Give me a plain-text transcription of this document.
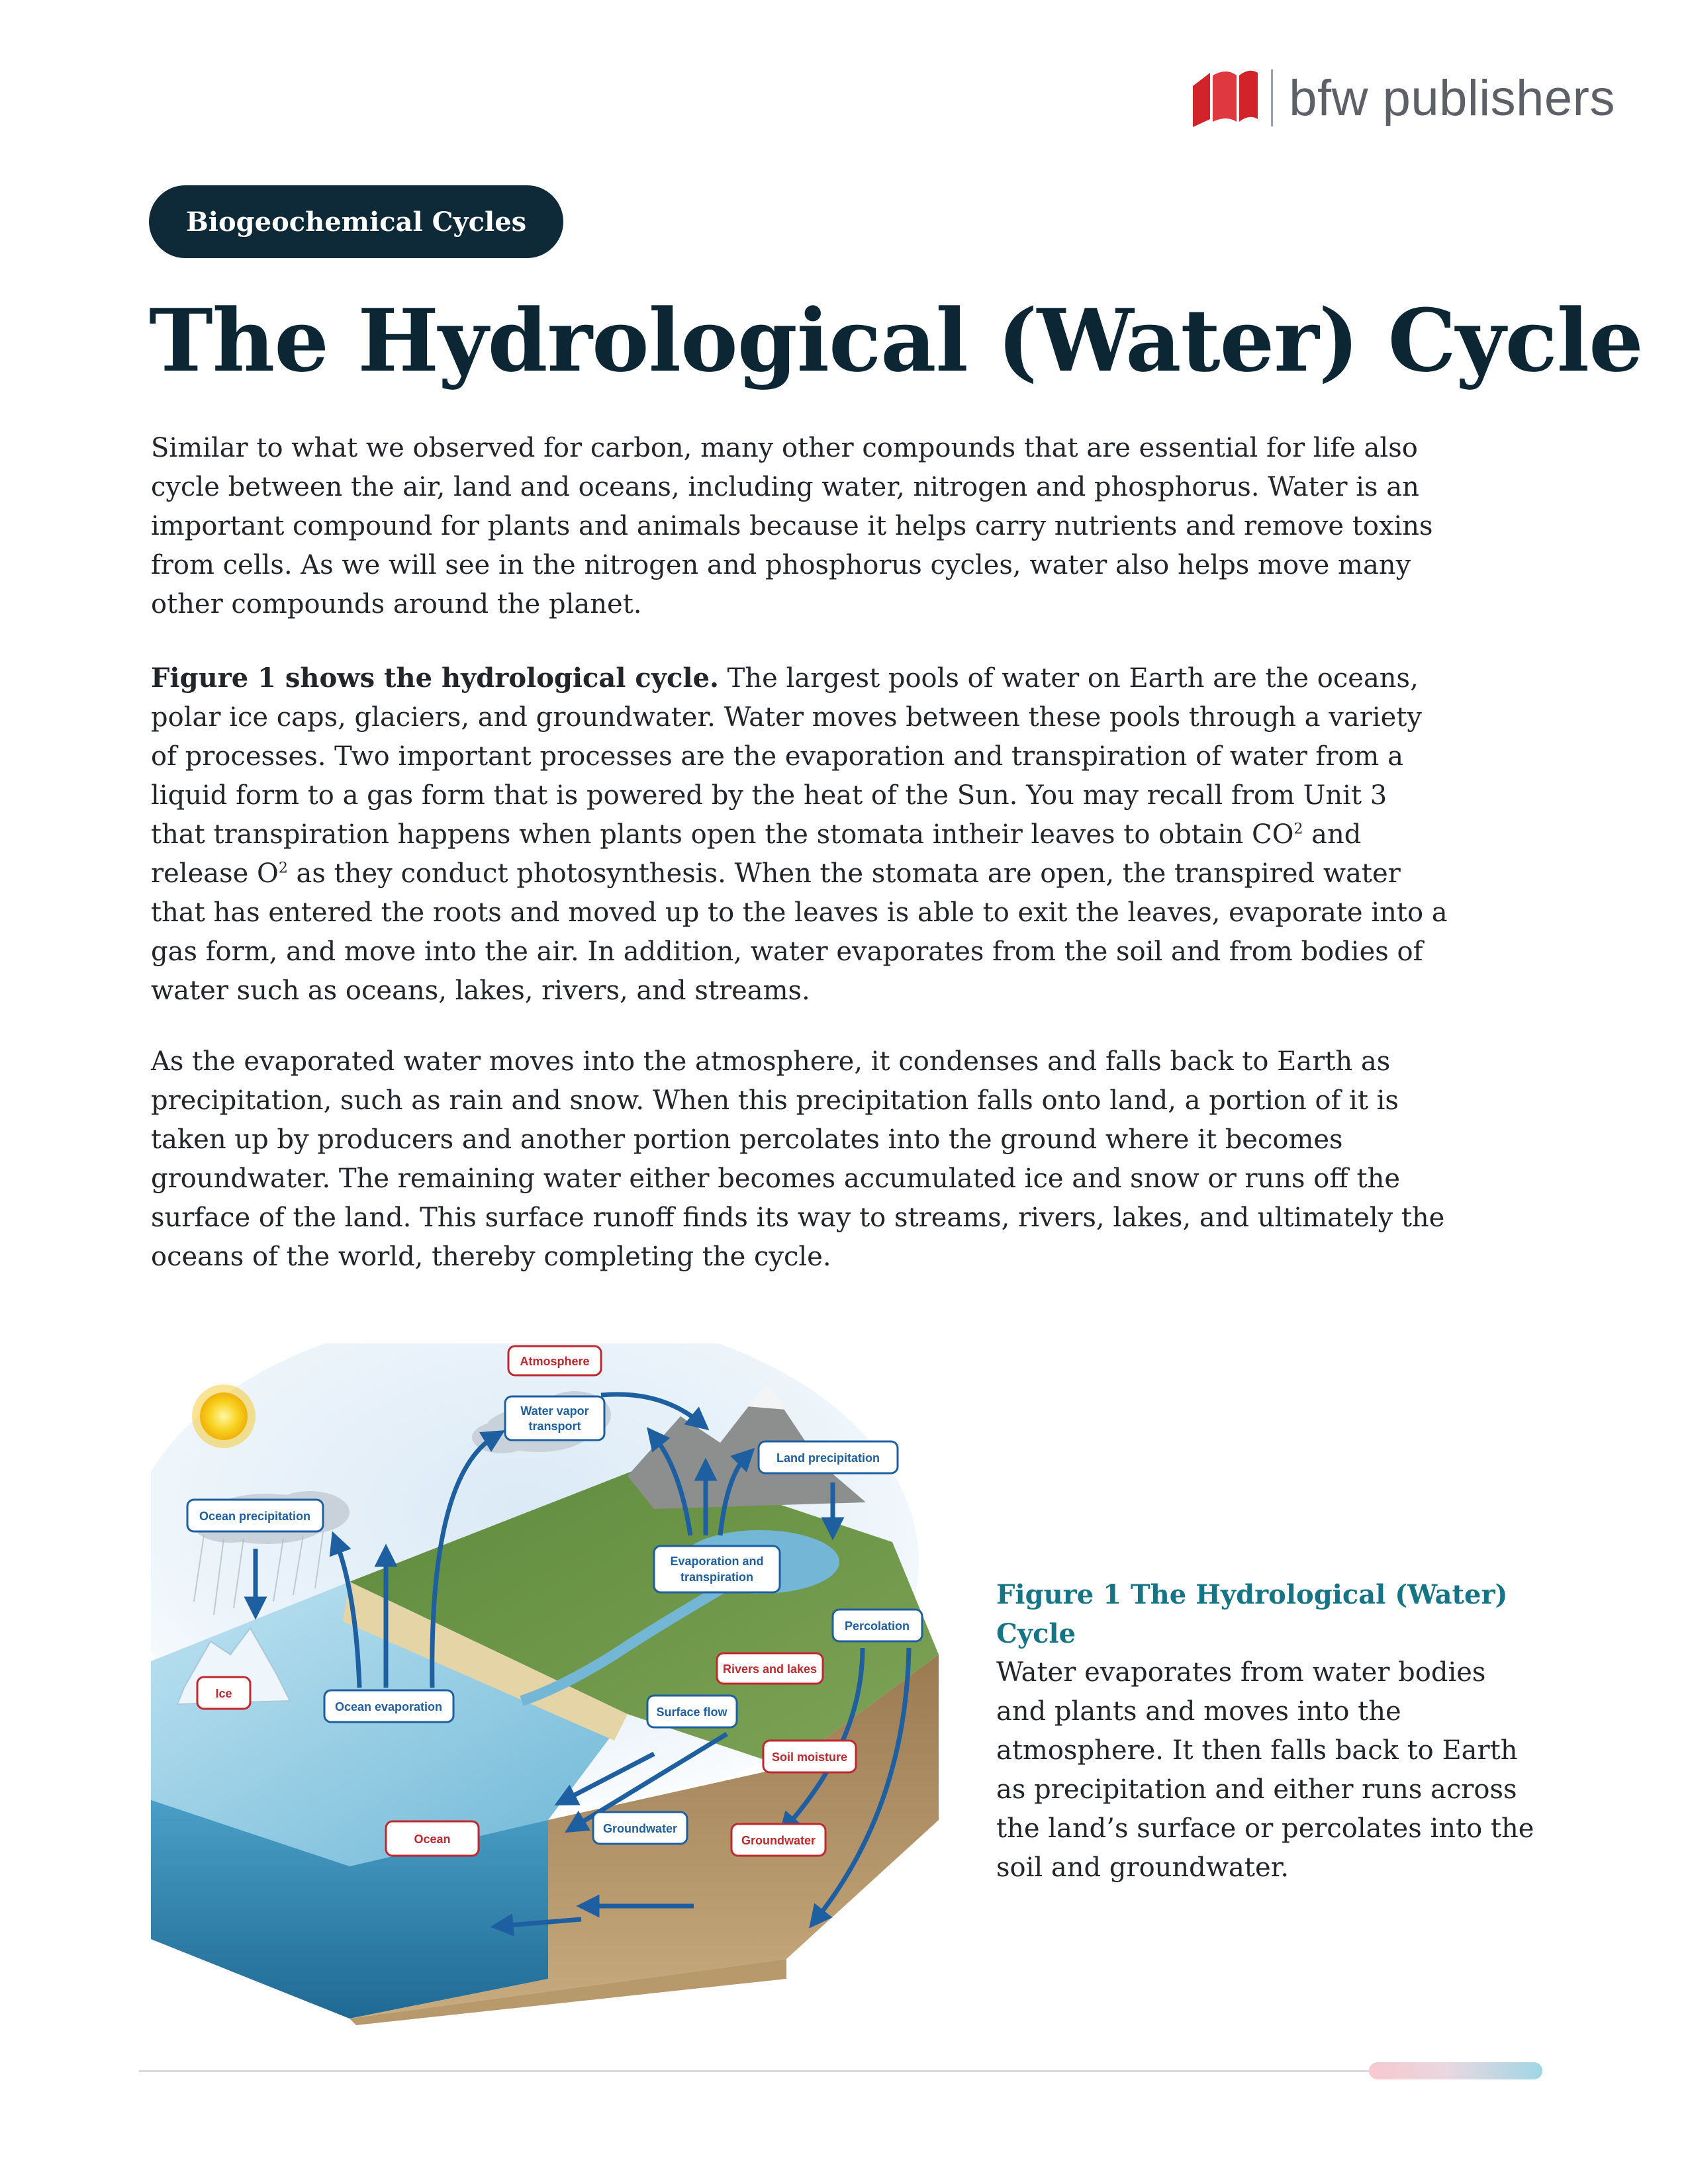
bfw publishers
Biogeochemical Cycles
The Hydrological (Water) Cycle

Similar to what we observed for carbon, many other compounds that are essential for life also cycle between the air, land and oceans, including water, nitrogen and phosphorus. Water is an important compound for plants and animals because it helps carry nutrients and remove toxins from cells. As we will see in the nitrogen and phosphorus cycles, water also helps move many other compounds around the planet.

Figure 1 shows the hydrological cycle. The largest pools of water on Earth are the oceans, polar ice caps, glaciers, and groundwater. Water moves between these pools through a variety of processes. Two important processes are the evaporation and transpiration of water from a liquid form to a gas form that is powered by the heat of the Sun. You may recall from Unit 3 that transpiration happens when plants open the stomata intheir leaves to obtain $CO^2$ and release $O^2$ as they conduct photosynthesis. When the stomata are open, the transpired water that has entered the roots and moved up to the leaves is able to exit the leaves, evaporate into a gas form, and move into the air. In addition, water evaporates from the soil and from bodies of water such as oceans, lakes, rivers, and streams.

As the evaporated water moves into the atmosphere, it condenses and falls back to Earth as precipitation, such as rain and snow. When this precipitation falls onto land, a portion of it is taken up by producers and another portion percolates into the ground where it becomes groundwater. The remaining water either becomes accumulated ice and snow or runs off the surface of the land. This surface runoff finds its way to streams, rivers, lakes, and ultimately the oceans of the world, thereby completing the cycle.

Atmosphere
Water vapor
transport
Land precipitation
Ocean precipitation
Evaporation and
transpiration
Percolation
Rivers and lakes
Ice
Ocean evaporation	Surface flow
Soil moisture
Groundwater
Ocean	Groundwater
Figure 1 The Hydrological (Water) Cycle
Water evaporates from water bodies and plants and moves into the atmosphere. It then falls back to Earth as precipitation and either runs across the land’s surface or percolates into the soil and groundwater.
